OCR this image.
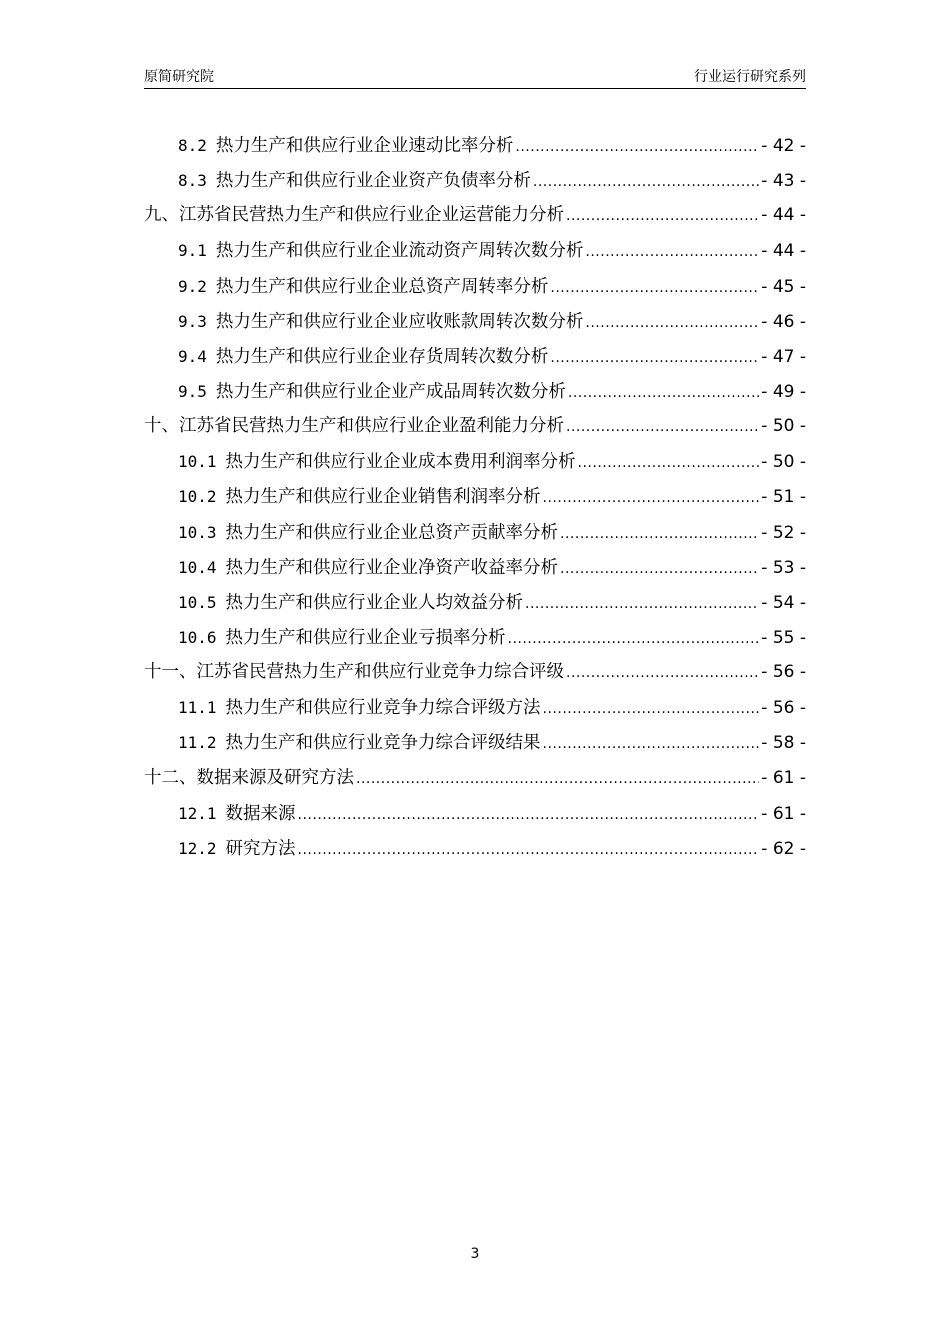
原简研究院	行业运行研究系列
8.2 热力生产和供应行业企业速动比率分析 .....	- 42 -
8.3 热力生产和供应行业企业资产负债率分析 .....	- 43 -
九、江苏省民营热力生产和供应行业企业运营能力分析 .....	- 44 -
9.1 热力生产和供应行业企业流动资产周转次数分析 .....	- 44 -
9.2 热力生产和供应行业企业总资产周转率分析 .....	- 45 -
9.3 热力生产和供应行业企业应收账款周转次数分析 .....	- 46 -
9.4 热力生产和供应行业企业存货周转次数分析 .....	- 47 -
9.5 热力生产和供应行业企业产成品周转次数分析 .....	- 49 -
十、江苏省民营热力生产和供应行业企业盈利能力分析 .....	- 50 -
10.1 热力生产和供应行业企业成本费用利润率分析 .....	- 50 -
10.2 热力生产和供应行业企业销售利润率分析 .....	- 51 -
10.3 热力生产和供应行业企业总资产贡献率分析 .....	- 52 -
10.4 热力生产和供应行业企业净资产收益率分析 .....	- 53 -
10.5 热力生产和供应行业企业人均效益分析 .....	- 54 -
10.6 热力生产和供应行业企业亏损率分析 .....	- 55 -
十一、江苏省民营热力生产和供应行业竞争力综合评级 .....	- 56 -
11.1 热力生产和供应行业竞争力综合评级方法 .....	- 56 -
11.2 热力生产和供应行业竞争力综合评级结果 .....	- 58 -
十二、数据来源及研究方法 .....	- 61 -
12.1 数据来源 .....	- 61 -
12.2 研究方法 .....	- 62 -
3
